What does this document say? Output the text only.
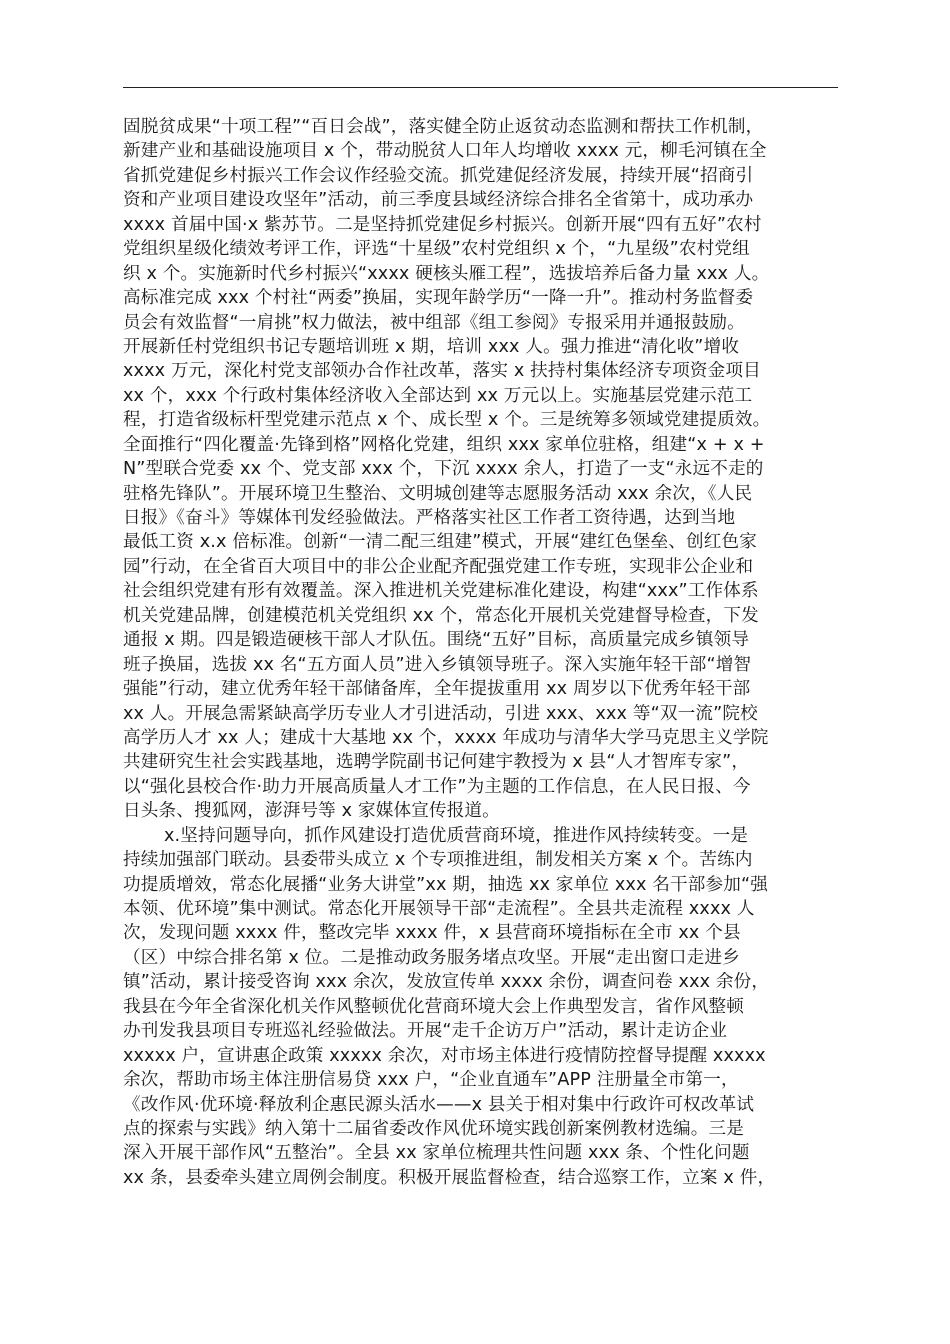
固脱贫成果“十项工程”“百日会战”，落实健全防止返贫动态监测和帮扶工作机制，
新建产业和基础设施项目 x 个，带动脱贫人口年人均增收 xxxx 元，柳毛河镇在全
省抓党建促乡村振兴工作会议作经验交流。抓党建促经济发展，持续开展“招商引
资和产业项目建设攻坚年”活动，前三季度县域经济综合排名全省第十，成功承办
xxxx 首届中国·x 紫苏节。二是坚持抓党建促乡村振兴。创新开展“四有五好”农村
党组织星级化绩效考评工作，评选“十星级”农村党组织 x 个，“九星级”农村党组
织 x 个。实施新时代乡村振兴“xxxx 硬核头雁工程”，选拔培养后备力量 xxx 人。
高标准完成 xxx 个村社“两委”换届，实现年龄学历“一降一升”。推动村务监督委
员会有效监督“一肩挑”权力做法，被中组部《组工参阅》专报采用并通报鼓励。
开展新任村党组织书记专题培训班 x 期，培训 xxx 人。强力推进“清化收”增收
xxxx 万元，深化村党支部领办合作社改革，落实 x 扶持村集体经济专项资金项目
xx 个，xxx 个行政村集体经济收入全部达到 xx 万元以上。实施基层党建示范工
程，打造省级标杆型党建示范点 x 个、成长型 x 个。三是统筹多领域党建提质效。
全面推行“四化覆盖·先锋到格”网格化党建，组织 xxx 家单位驻格，组建“x + x +
N”型联合党委 xx 个、党支部 xxx 个，下沉 xxxx 余人，打造了一支“永远不走的
驻格先锋队”。开展环境卫生整治、文明城创建等志愿服务活动 xxx 余次，《人民
日报》《奋斗》等媒体刊发经验做法。严格落实社区工作者工资待遇，达到当地
最低工资 x.x 倍标准。创新“一清二配三组建”模式，开展“建红色堡垒、创红色家
园”行动，在全省百大项目中的非公企业配齐配强党建工作专班，实现非公企业和
社会组织党建有形有效覆盖。深入推进机关党建标准化建设，构建“xxx”工作体系
机关党建品牌，创建模范机关党组织 xx 个，常态化开展机关党建督导检查，下发
通报 x 期。四是锻造硬核干部人才队伍。围绕“五好”目标，高质量完成乡镇领导
班子换届，选拔 xx 名“五方面人员”进入乡镇领导班子。深入实施年轻干部“增智
强能”行动，建立优秀年轻干部储备库，全年提拔重用 xx 周岁以下优秀年轻干部
xx 人。开展急需紧缺高学历专业人才引进活动，引进 xxx、xxx 等“双一流”院校
高学历人才 xx 人；建成十大基地 xx 个，xxxx 年成功与清华大学马克思主义学院
共建研究生社会实践基地，选聘学院副书记何建宇教授为 x 县“人才智库专家”，
以“强化县校合作·助力开展高质量人才工作”为主题的工作信息，在人民日报、今
日头条、搜狐网，澎湃号等 x 家媒体宣传报道。
x.坚持问题导向，抓作风建设打造优质营商环境，推进作风持续转变。一是
持续加强部门联动。县委带头成立 x 个专项推进组，制发相关方案 x 个。苦练内
功提质增效，常态化展播“业务大讲堂”xx 期，抽选 xx 家单位 xxx 名干部参加“强
本领、优环境”集中测试。常态化开展领导干部“走流程”。全县共走流程 xxxx 人
次，发现问题 xxxx 件，整改完毕 xxxx 件，x 县营商环境指标在全市 xx 个县
（区）中综合排名第 x 位。二是推动政务服务堵点攻坚。开展“走出窗口走进乡
镇”活动，累计接受咨询 xxx 余次，发放宣传单 xxxx 余份，调查问卷 xxx 余份，
我县在今年全省深化机关作风整顿优化营商环境大会上作典型发言，省作风整顿
办刊发我县项目专班巡礼经验做法。开展“走千企访万户”活动，累计走访企业
xxxxx 户，宣讲惠企政策 xxxxx 余次，对市场主体进行疫情防控督导提醒 xxxxx
余次，帮助市场主体注册信易贷 xxx 户，“企业直通车”APP 注册量全市第一，
《改作风·优环境·释放利企惠民源头活水——x 县关于相对集中行政许可权改革试
点的探索与实践》纳入第十二届省委改作风优环境实践创新案例教材选编。三是
深入开展干部作风“五整治”。全县 xx 家单位梳理共性问题 xxx 条、个性化问题
xx 条，县委牵头建立周例会制度。积极开展监督检查，结合巡察工作，立案 x 件，
